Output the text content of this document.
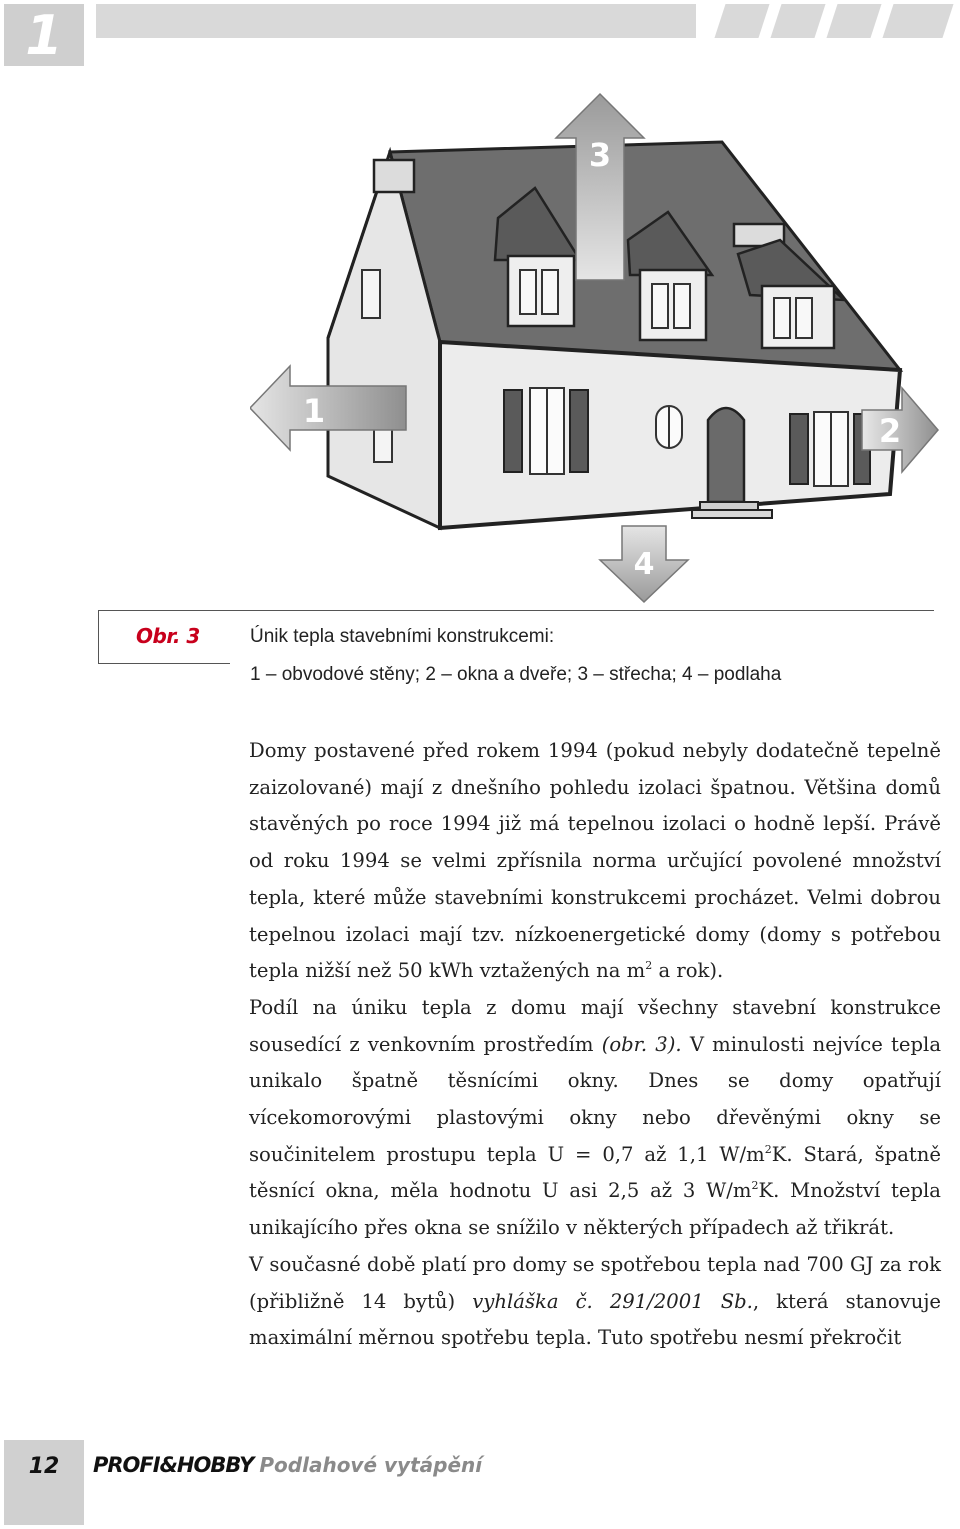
1
3
1
2
4
Obr. 3	Únik tepla stavebními konstrukcemi:
1 – obvodové stěny; 2 – okna a dveře; 3 – střecha; 4 – podlaha

Domy postavené před rokem 1994 (pokud nebyly dodatečně tepelně zaizolované) mají z dnešního pohledu izolaci špatnou. Většina domů stavěných po roce 1994 již má tepelnou izolaci o hodně lepší. Právě od roku 1994 se velmi zpřísnila norma určující povolené množství tepla, které může stavebními konstrukcemi procházet. Velmi dobrou tepelnou izolaci mají tzv. nízkoenergetické domy (domy s potřebou tepla nižší než 50 kWh vztažených na $m^2$ a rok).

Podíl na úniku tepla z domu mají všechny stavební konstrukce sousedící z venkovním prostředím (obr. 3). V minulosti nejvíce tepla unikalo špatně těsnícími okny. Dnes se domy opatřují vícekomorovými plastovými okny nebo dřevěnými okny se součinitelem prostupu tepla U = 0,7 až 1,1 $W/m^2K$. Stará, špatně těsnící okna, měla hodnotu U asi 2,5 až 3 $W/m^2K$. Množství tepla unikajícího přes okna se snížilo v některých případech až třikrát.

V současné době platí pro domy se spotřebou tepla nad 700 GJ za rok (přibližně 14 bytů) vyhláška č. 291/2001 Sb., která stanovuje maximální měrnou spotřebu tepla. Tuto spotřebu nesmí překročit

12	PROFI&HOBBY Podlahové vytápění
